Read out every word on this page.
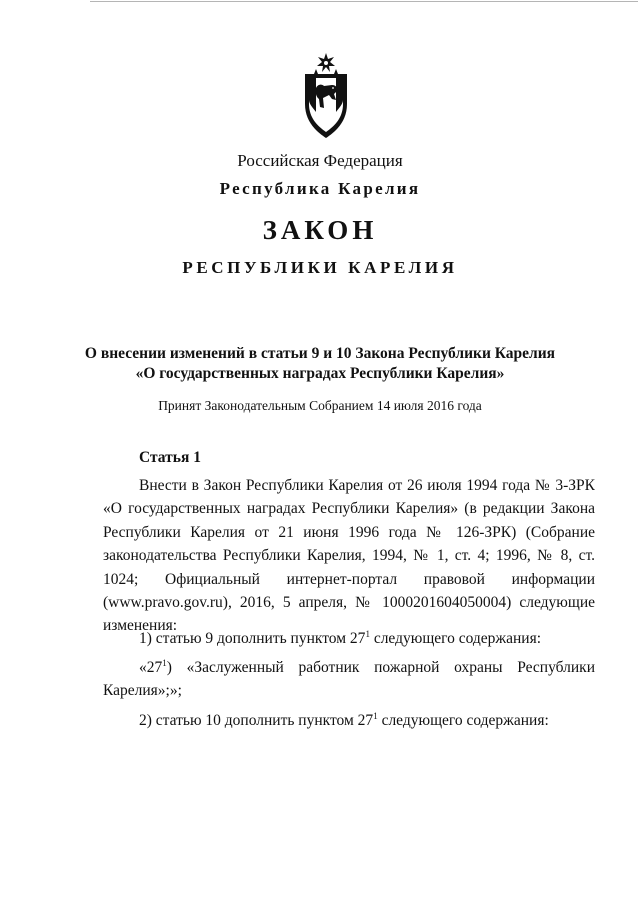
Российская Федерация
Республика Карелия
ЗАКОН
РЕСПУБЛИКИ КАРЕЛИЯ
О внесении изменений в статьи 9 и 10 Закона Республики Карелия
«О государственных наградах Республики Карелия»
Принят Законодательным Собранием 14 июля 2016 года
Статья 1

Внести в Закон Республики Карелия от 26 июля 1994 года № 3-ЗРК «О государственных наградах Республики Карелия» (в редакции Закона Республики Карелия от 21 июня 1996 года № 126-ЗРК) (Собрание законодательства Республики Карелия, 1994, № 1, ст. 4; 1996, № 8, ст. 1024; Официальный интернет-портал правовой информации (www.pravo.gov.ru), 2016, 5 апреля, № 1000201604050004) следующие изменения:

1) статью 9 дополнить пунктом $27^1$ следующего содержания:

«$27^1$) «Заслуженный работник пожарной охраны Республики Карелия»;»;

2) статью 10 дополнить пунктом $27^1$ следующего содержания:
